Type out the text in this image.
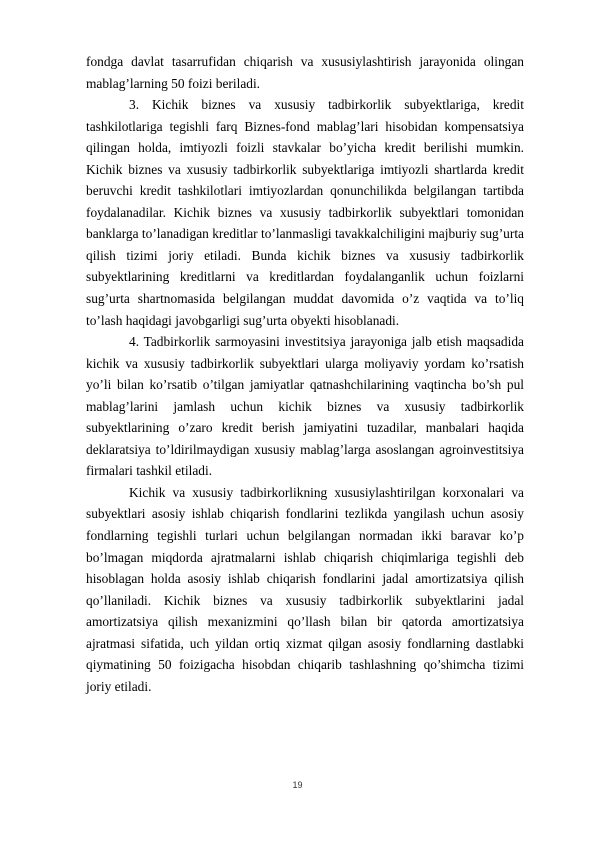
fondga davlat tasarrufidan chiqarish va xususiylashtirish jarayonida olingan mablag’larning 50 foizi beriladi.

3. Kichik biznes va xususiy tadbirkorlik subyektlariga, kredit tashkilotlariga tegishli farq Biznes-fond mablag’lari hisobidan kompensatsiya qilingan holda, imtiyozli foizli stavkalar bo’yicha kredit berilishi mumkin. Kichik biznes va xususiy tadbirkorlik subyektlariga imtiyozli shartlarda kredit beruvchi kredit tashkilotlari imtiyozlardan qonunchilikda belgilangan tartibda foydalanadilar. Kichik biznes va xususiy tadbirkorlik subyektlari tomonidan banklarga to’lanadigan kreditlar to’lanmasligi tavakkalchiligini majburiy sug’urta qilish tizimi joriy etiladi. Bunda kichik biznes va xususiy tadbirkorlik subyektlarining kreditlarni va kreditlardan foydalanganlik uchun foizlarni sug’urta shartnomasida belgilangan muddat davomida o’z vaqtida va to’liq to’lash haqidagi javobgarligi sug’urta obyekti hisoblanadi.

4. Tadbirkorlik sarmoyasini investitsiya jarayoniga jalb etish maqsadida kichik va xususiy tadbirkorlik subyektlari ularga moliyaviy yordam ko’rsatish yo’li bilan ko’rsatib o’tilgan jamiyatlar qatnashchilarining vaqtincha bo’sh pul mablag’larini jamlash uchun kichik biznes va xususiy tadbirkorlik subyektlarining o’zaro kredit berish jamiyatini tuzadilar, manbalari haqida deklaratsiya to’ldirilmaydigan xususiy mablag’larga asoslangan agroinvestitsiya firmalari tashkil etiladi.

Kichik va xususiy tadbirkorlikning xususiylashtirilgan korxonalari va subyektlari asosiy ishlab chiqarish fondlarini tezlikda yangilash uchun asosiy fondlarning tegishli turlari uchun belgilangan normadan ikki baravar ko’p bo’lmagan miqdorda ajratmalarni ishlab chiqarish chiqimlariga tegishli deb hisoblagan holda asosiy ishlab chiqarish fondlarini jadal amortizatsiya qilish qo’llaniladi. Kichik biznes va xususiy tadbirkorlik subyektlarini jadal amortizatsiya qilish mexanizmini qo’llash bilan bir qatorda amortizatsiya ajratmasi sifatida, uch yildan ortiq xizmat qilgan asosiy fondlarning dastlabki qiymatining 50 foizigacha hisobdan chiqarib tashlashning qo’shimcha tizimi joriy etiladi.

19
